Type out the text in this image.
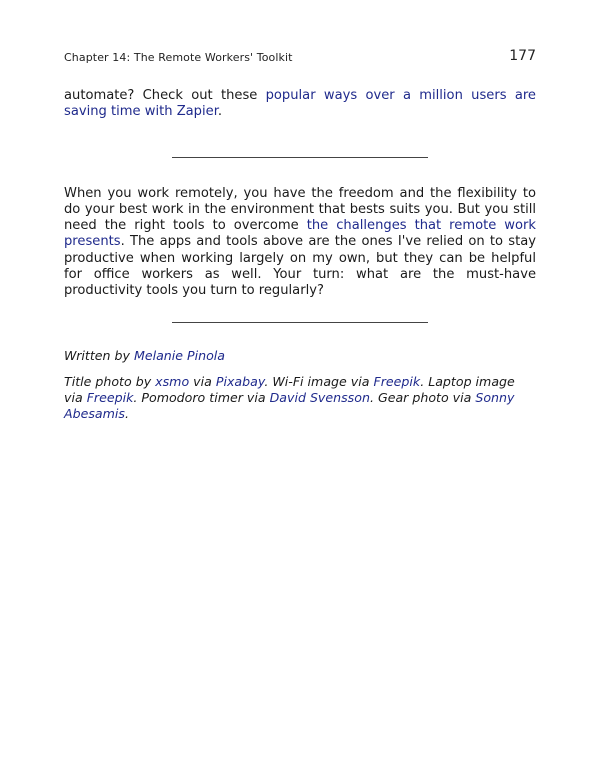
Chapter 14: The Remote Workers' Toolkit	177

automate? Check out these popular ways over a million users are saving time with Zapier.

When you work remotely, you have the freedom and the flexibility to do your best work in the environment that bests suits you. But you still need the right tools to overcome the challenges that remote work presents. The apps and tools above are the ones I've relied on to stay productive when working largely on my own, but they can be helpful for office workers as well. Your turn: what are the must-have productivity tools you turn to regularly?

Written by Melanie Pinola

Title photo by xsmo via Pixabay. Wi-Fi image via Freepik. Laptop image via Freepik. Pomodoro timer via David Svensson. Gear photo via Sonny Abesamis.
